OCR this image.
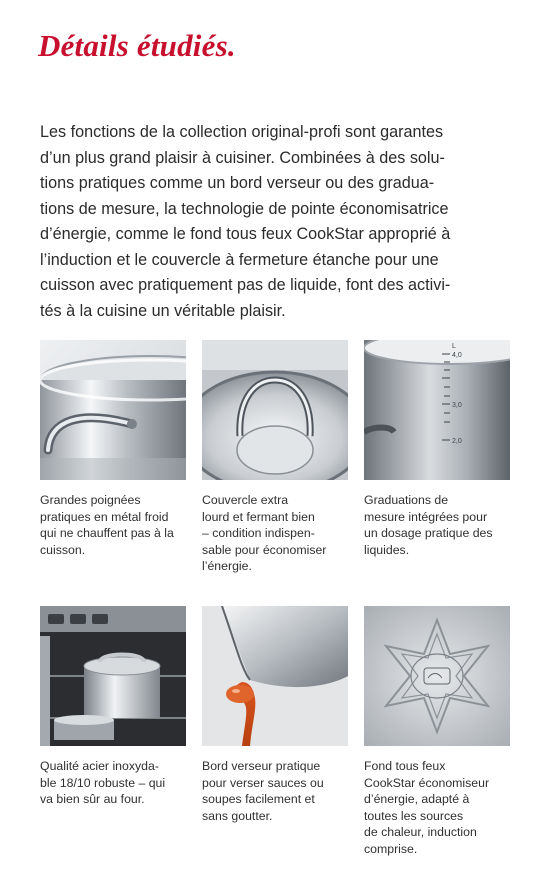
Détails étudiés.

Les fonctions de la collection original-profi sont garantes
d’un plus grand plaisir à cuisiner. Combinées à des solu-
tions pratiques comme un bord verseur ou des gradua-
tions de mesure, la technologie de pointe économisatrice
d’énergie, comme le fond tous feux CookStar approprié à
l’induction et le couvercle à fermeture étanche pour une
cuisson avec pratiquement pas de liquide, font des activi-
tés à la cuisine un véritable plaisir.

Grandes poignées
pratiques en métal froid
qui ne chauffent pas à la
cuisson.
Couvercle extra
lourd et fermant bien
– condition indispen-
sable pour économiser
l’énergie.
L
4,0
3,0
2,0
Graduations de
mesure intégrées pour
un dosage pratique des
liquides.
Qualité acier inoxyda-
ble 18/10 robuste – qui
va bien sûr au four.
Bord verseur pratique
pour verser sauces ou
soupes facilement et
sans goutter.
Fond tous feux
CookStar économiseur
d’énergie, adapté à
toutes les sources
de chaleur, induction
comprise.
